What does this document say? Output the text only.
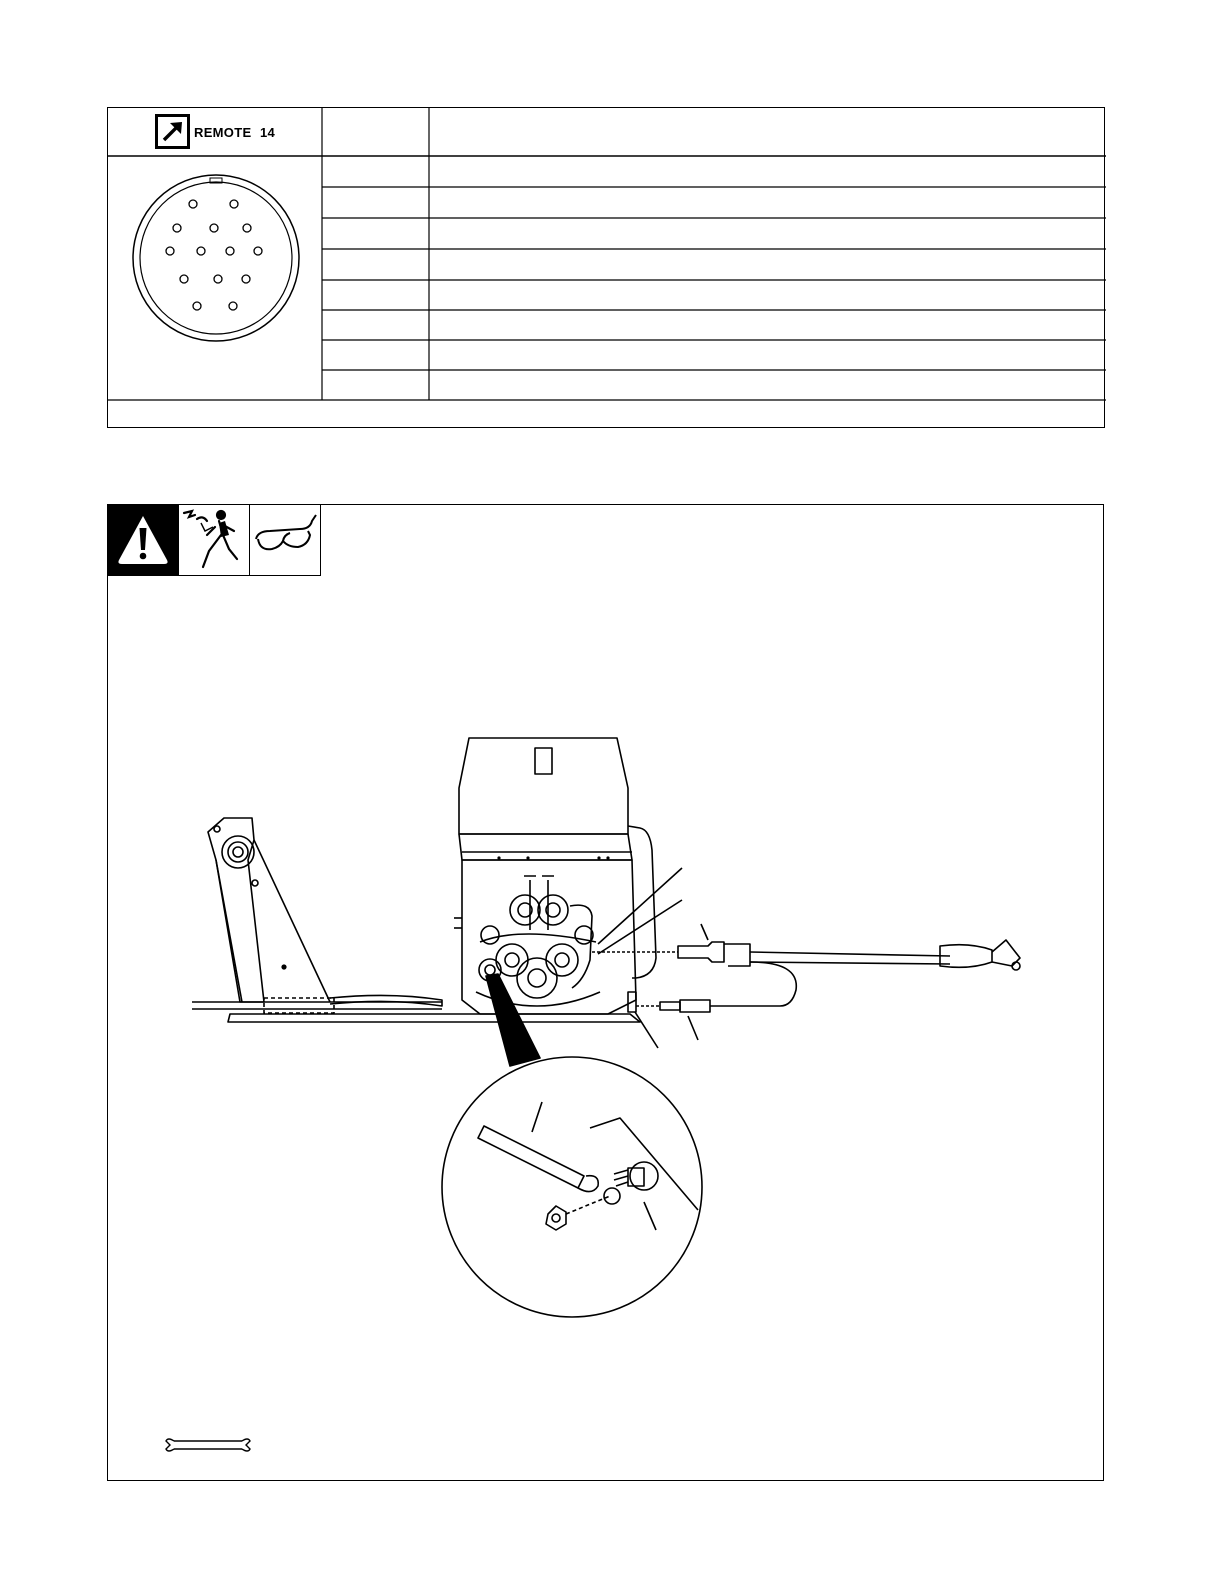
REMOTE 14
